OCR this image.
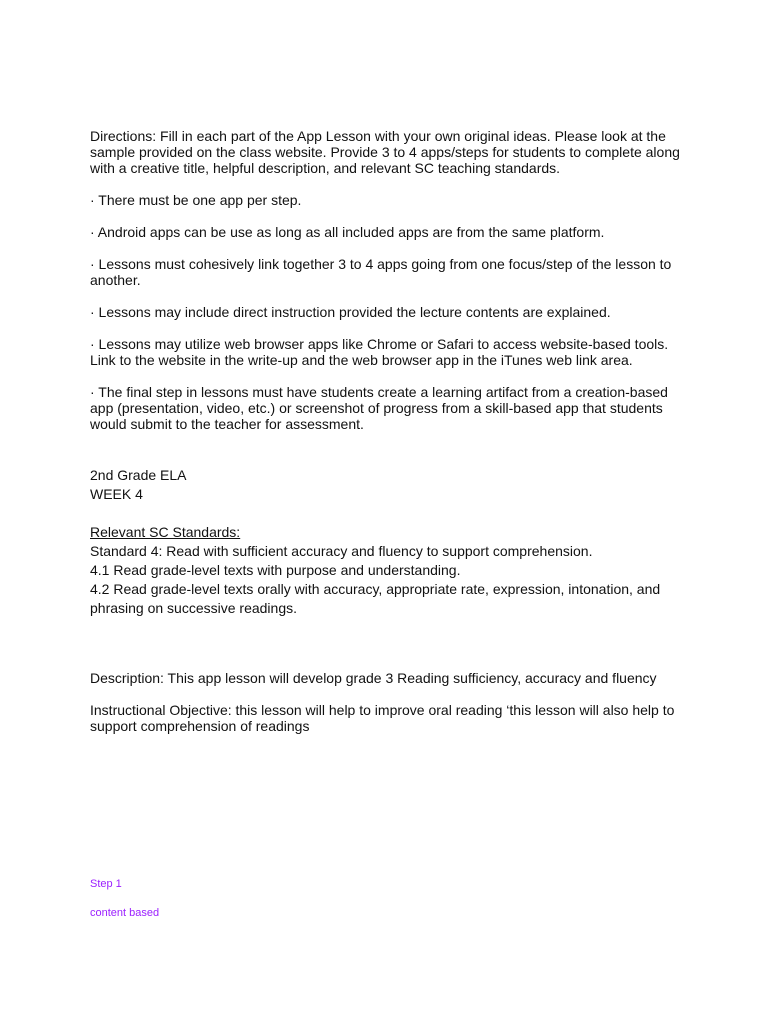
Directions: Fill in each part of the App Lesson with your own original ideas. Please look at the sample provided on the class website. Provide 3 to 4 apps/steps for students to complete along with a creative title, helpful description, and relevant SC teaching standards.

· There must be one app per step.

· Android apps can be use as long as all included apps are from the same platform.

· Lessons must cohesively link together 3 to 4 apps going from one focus/step of the lesson to another.

· Lessons may include direct instruction provided the lecture contents are explained.

· Lessons may utilize web browser apps like Chrome or Safari to access website-based tools. Link to the website in the write-up and the web browser app in the iTunes web link area.

· The final step in lessons must have students create a learning artifact from a creation-based app (presentation, video, etc.) or screenshot of progress from a skill-based app that students would submit to the teacher for assessment.

2nd Grade ELA
WEEK 4
Relevant SC Standards:
Standard 4: Read with sufficient accuracy and fluency to support comprehension.
4.1 Read grade-level texts with purpose and understanding.
4.2 Read grade-level texts orally with accuracy, appropriate rate, expression, intonation, and phrasing on successive readings.

Description: This app lesson will develop grade 3 Reading sufficiency, accuracy and fluency

Instructional Objective: this lesson will help to improve oral reading ‘this lesson will also help to support comprehension of readings

Step 1

content based
